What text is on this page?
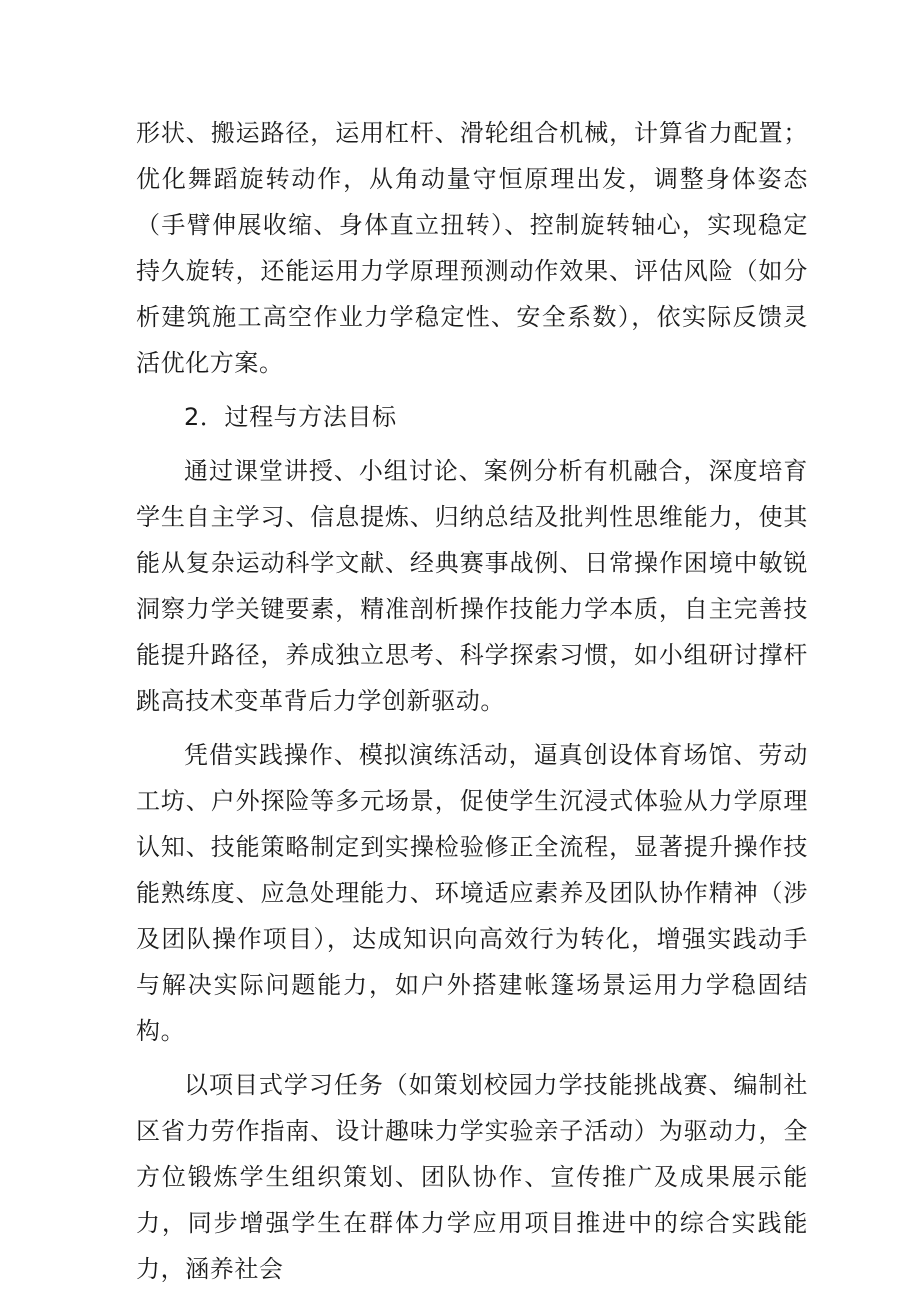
形状、搬运路径，运用杠杆、滑轮组合机械，计算省力配置；优化舞蹈旋转动作，从角动量守恒原理出发，调整身体姿态（手臂伸展收缩、身体直立扭转）、控制旋转轴心，实现稳定持久旋转，还能运用力学原理预测动作效果、评估风险（如分析建筑施工高空作业力学稳定性、安全系数），依实际反馈灵活优化方案。

2．过程与方法目标

通过课堂讲授、小组讨论、案例分析有机融合，深度培育学生自主学习、信息提炼、归纳总结及批判性思维能力，使其能从复杂运动科学文献、经典赛事战例、日常操作困境中敏锐洞察力学关键要素，精准剖析操作技能力学本质，自主完善技能提升路径，养成独立思考、科学探索习惯，如小组研讨撑杆跳高技术变革背后力学创新驱动。

凭借实践操作、模拟演练活动，逼真创设体育场馆、劳动工坊、户外探险等多元场景，促使学生沉浸式体验从力学原理认知、技能策略制定到实操检验修正全流程，显著提升操作技能熟练度、应急处理能力、环境适应素养及团队协作精神（涉及团队操作项目），达成知识向高效行为转化，增强实践动手与解决实际问题能力，如户外搭建帐篷场景运用力学稳固结构。

以项目式学习任务（如策划校园力学技能挑战赛、编制社区省力劳作指南、设计趣味力学实验亲子活动）为驱动力，全方位锻炼学生组织策划、团队协作、宣传推广及成果展示能力，同步增强学生在群体力学应用项目推进中的综合实践能力，涵养社会
